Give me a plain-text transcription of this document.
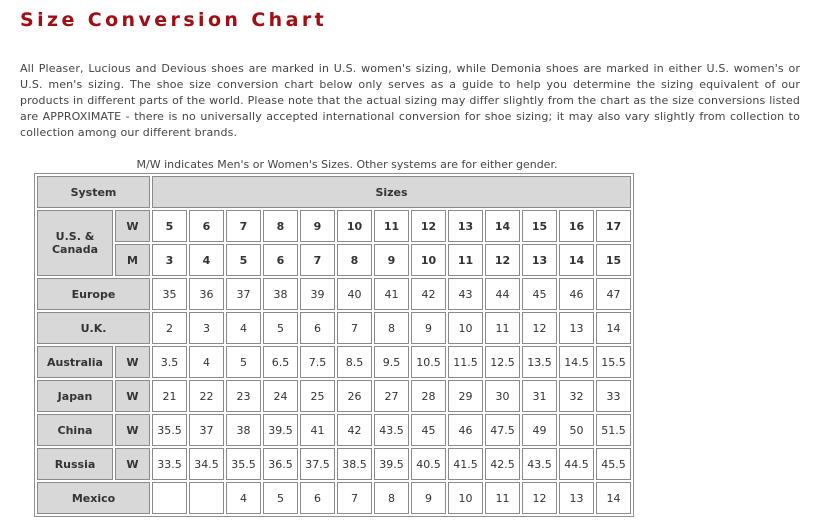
Size Conversion Chart

All Pleaser, Lucious and Devious shoes are marked in U.S. women's sizing, while Demonia shoes are marked in either U.S. women's or U.S. men's sizing. The shoe size conversion chart below only serves as a guide to help you determine the sizing equivalent of our products in different parts of the world. Please note that the actual sizing may differ slightly from the chart as the size conversions listed are APPROXIMATE - there is no universally accepted international conversion for shoe sizing; it may also vary slightly from collection to collection among our different brands.

M/W indicates Men's or Women's Sizes. Other systems are for either gender.

System		Sizes												
U.S. & Canada	W	5	6	7	8	9	10	11	12	13	14	15	16	17
	M	3	4	5	6	7	8	9	10	11	12	13	14	15
Europe		35	36	37	38	39	40	41	42	43	44	45	46	47
U.K.		2	3	4	5	6	7	8	9	10	11	12	13	14
Australia	W	3.5	4	5	6.5	7.5	8.5	9.5	10.5	11.5	12.5	13.5	14.5	15.5
Japan	W	21	22	23	24	25	26	27	28	29	30	31	32	33
China	W	35.5	37	38	39.5	41	42	43.5	45	46	47.5	49	50	51.5
Russia	W	33.5	34.5	35.5	36.5	37.5	38.5	39.5	40.5	41.5	42.5	43.5	44.5	45.5
Mexico				4	5	6	7	8	9	10	11	12	13	14
